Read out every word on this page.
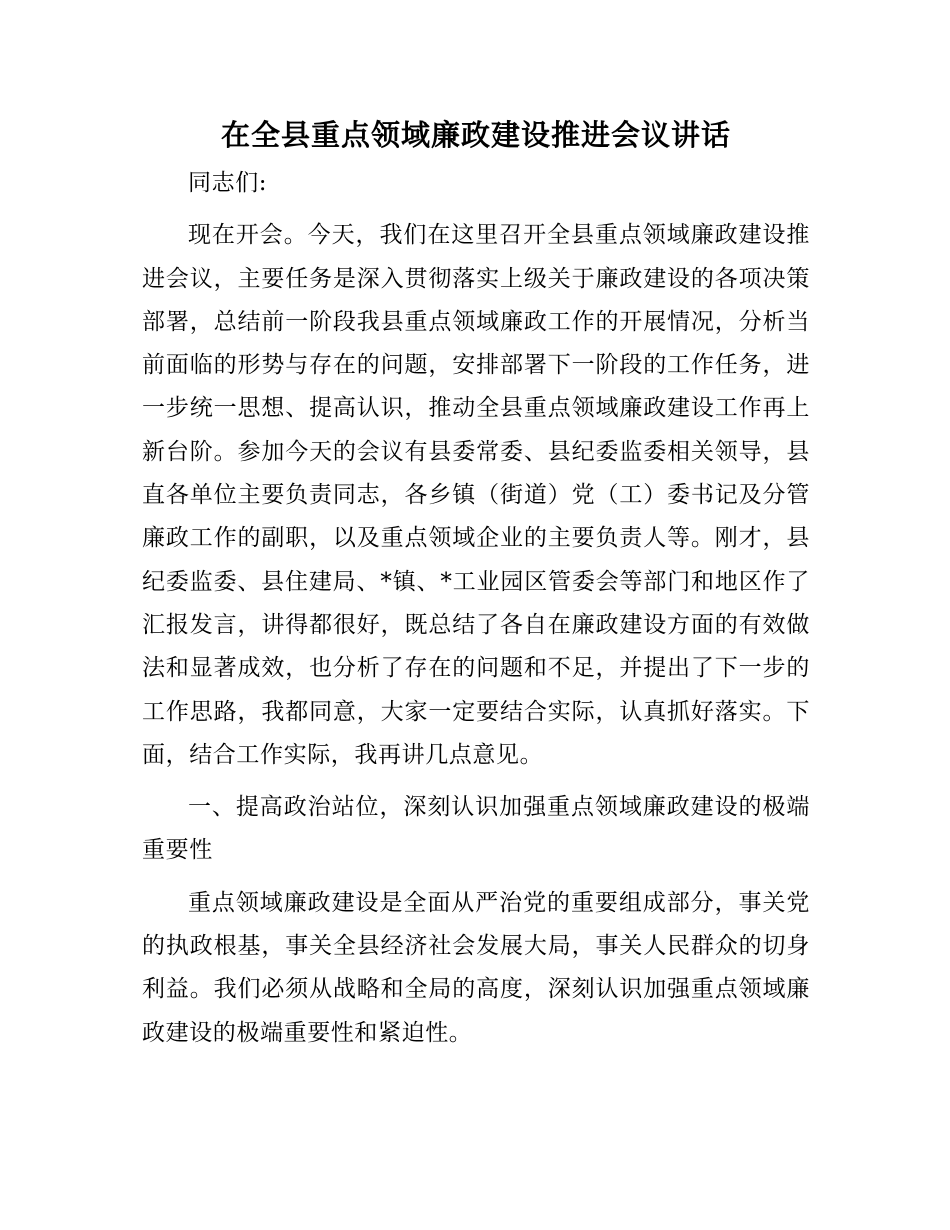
在全县重点领域廉政建设推进会议讲话

同志们:

现在开会。今天，我们在这里召开全县重点领域廉政建设推进会议，主要任务是深入贯彻落实上级关于廉政建设的各项决策部署，总结前一阶段我县重点领域廉政工作的开展情况，分析当前面临的形势与存在的问题，安排部署下一阶段的工作任务，进一步统一思想、提高认识，推动全县重点领域廉政建设工作再上新台阶。参加今天的会议有县委常委、县纪委监委相关领导，县直各单位主要负责同志，各乡镇（街道）党（工）委书记及分管廉政工作的副职，以及重点领域企业的主要负责人等。刚才，县纪委监委、县住建局、*镇、*工业园区管委会等部门和地区作了汇报发言，讲得都很好，既总结了各自在廉政建设方面的有效做法和显著成效，也分析了存在的问题和不足，并提出了下一步的工作思路，我都同意，大家一定要结合实际，认真抓好落实。下面，结合工作实际，我再讲几点意见。

一、提高政治站位，深刻认识加强重点领域廉政建设的极端重要性

重点领域廉政建设是全面从严治党的重要组成部分，事关党的执政根基，事关全县经济社会发展大局，事关人民群众的切身利益。我们必须从战略和全局的高度，深刻认识加强重点领域廉政建设的极端重要性和紧迫性。
